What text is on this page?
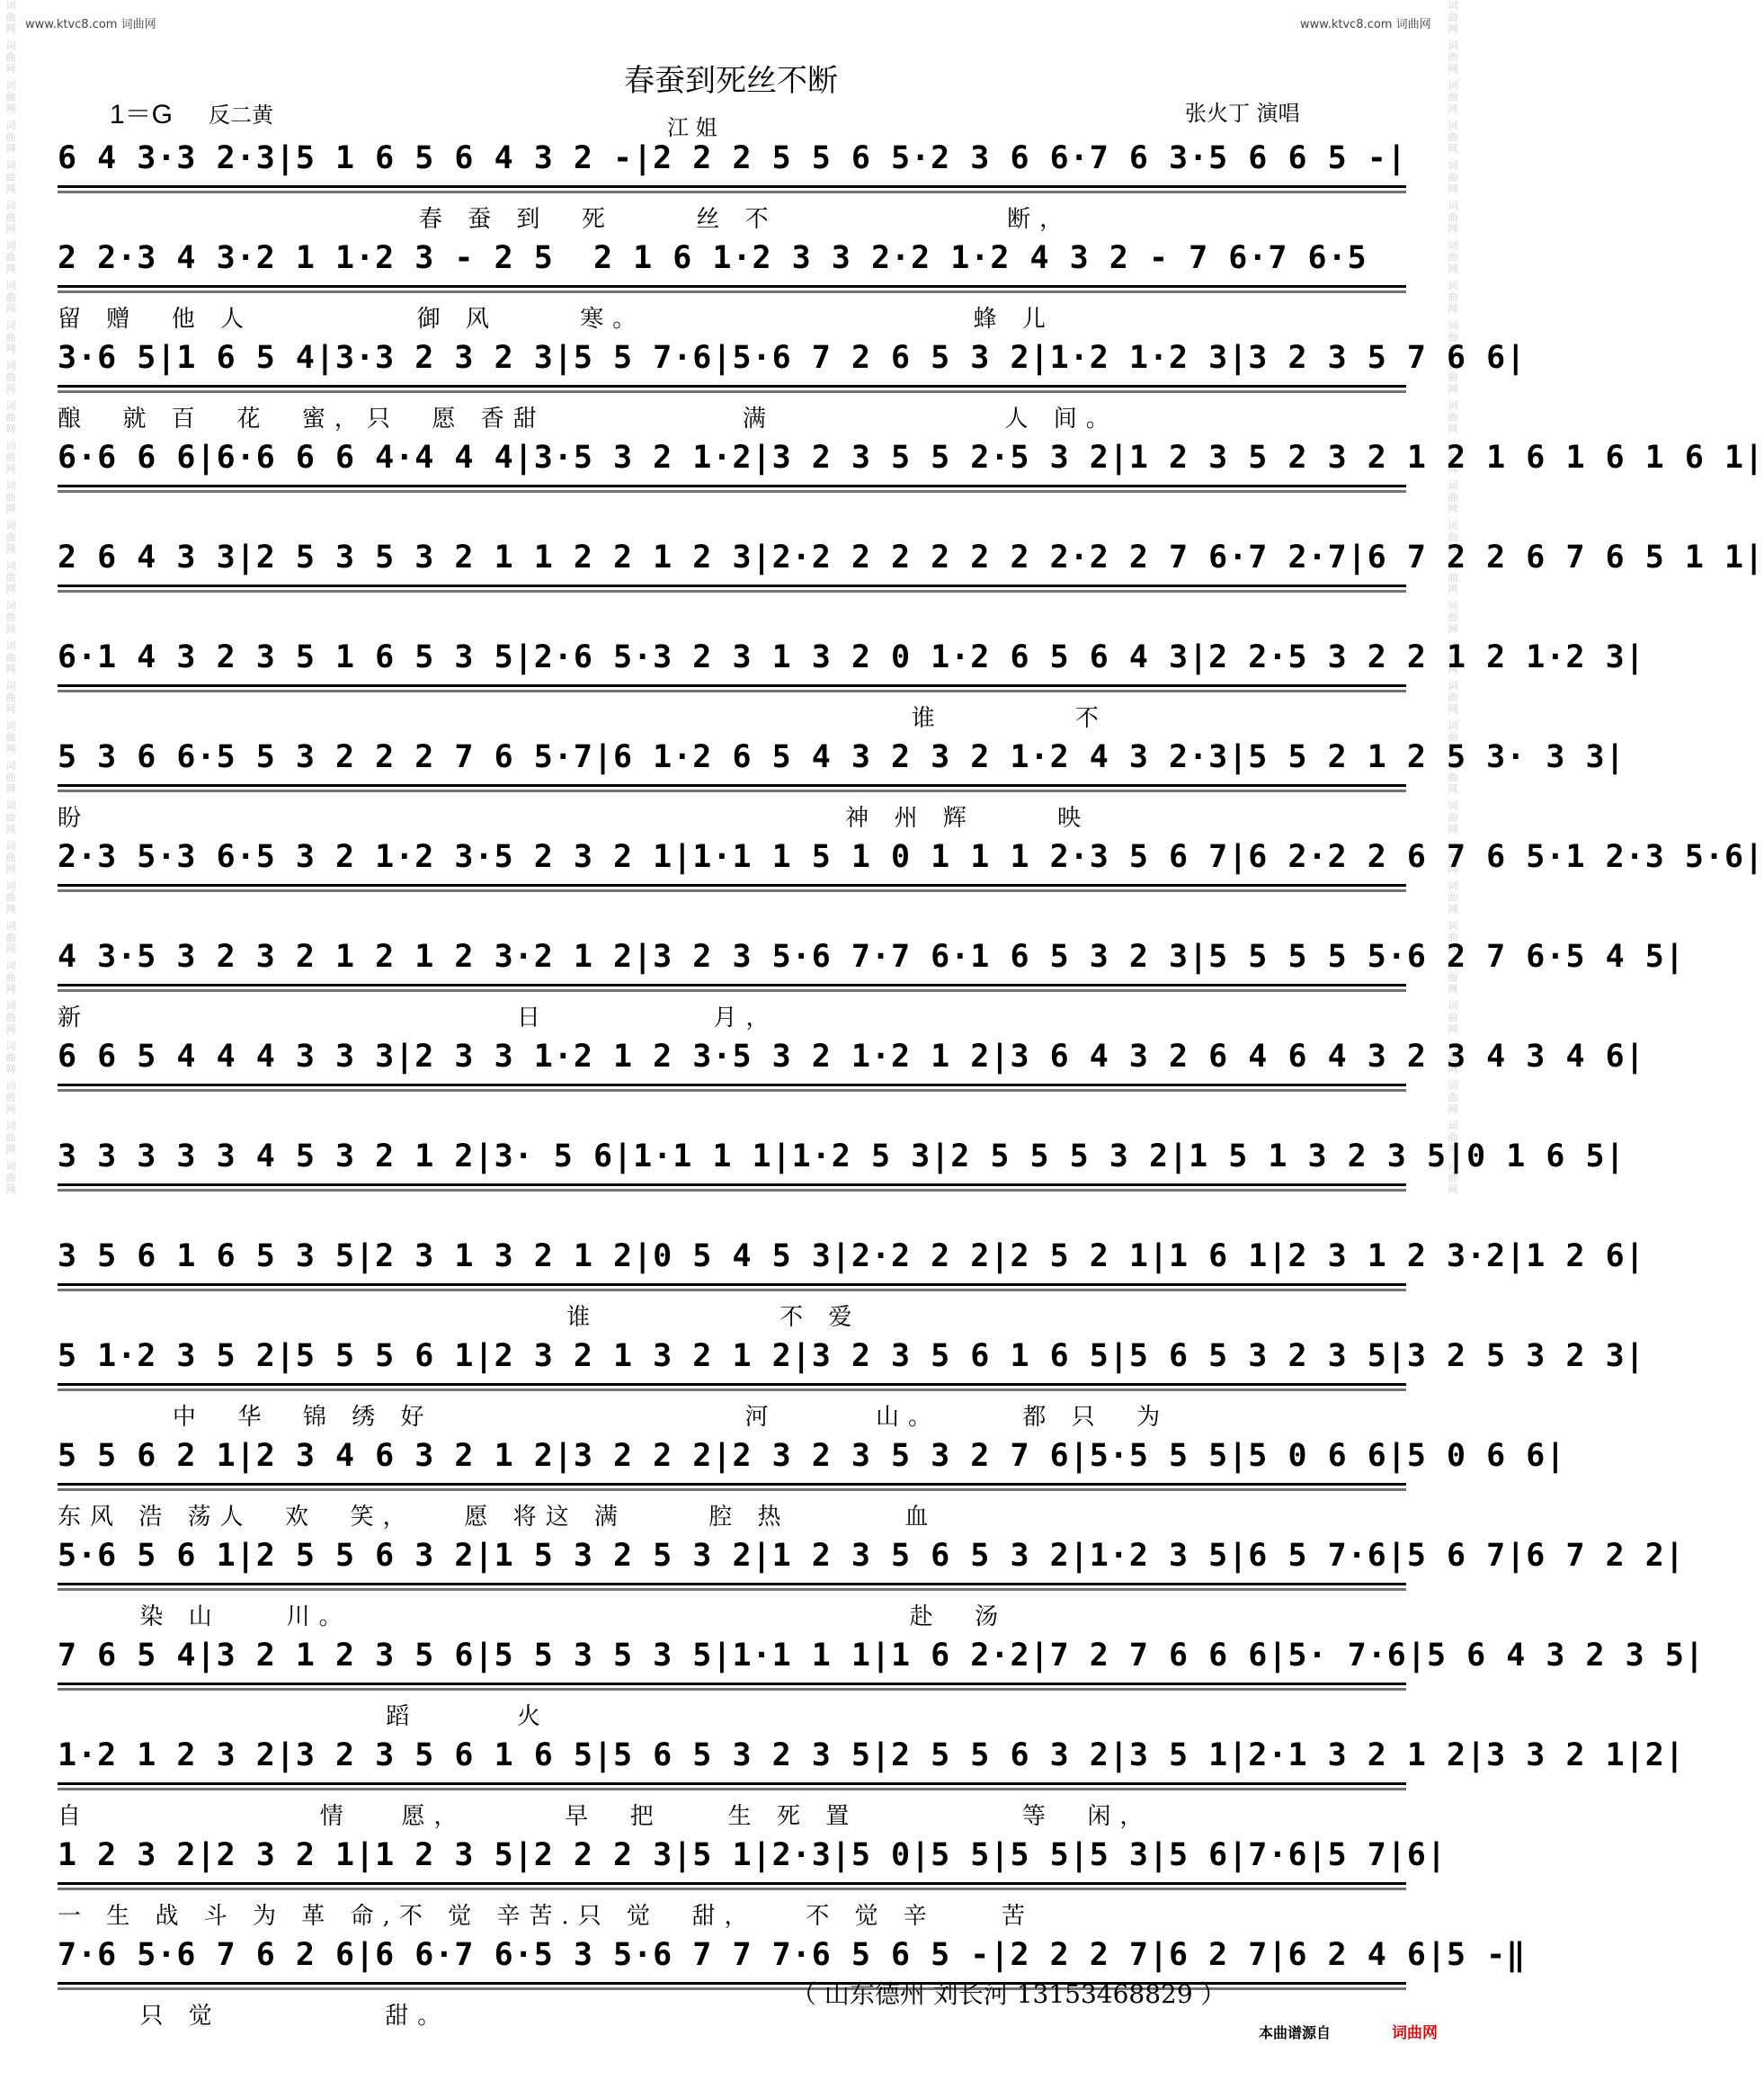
www.ktvc8.com 词曲网	www.ktvc8.com 词曲网
词曲网 词曲网 词曲网 词曲网 词曲网 词曲网 词曲网 词曲网 词曲网 词曲网 词曲网 词曲网 词曲网 词曲网 词曲网 词曲网 词曲网 词曲网 词曲网 词曲网 词曲网 词曲网 词曲网 词曲网 词曲网 词曲网 词曲网 词曲网 词曲网 词曲网	词曲网 词曲网 词曲网 词曲网 词曲网 词曲网 词曲网 词曲网 词曲网 词曲网 词曲网 词曲网 词曲网 词曲网 词曲网 词曲网 词曲网 词曲网 词曲网 词曲网 词曲网 词曲网 词曲网 词曲网 词曲网 词曲网 词曲网 词曲网 词曲网 词曲网
春蚕到死丝不断
1＝G 反二黄	江 姐
张火丁 演唱
6 4 3·3 2·3|5 1 6 5 6 4 3 2 -|2 2 2 5 5 6 5·2 3 6 6·7 6 3·5 6 6 5 -|
春 蚕 到  死     丝 不              断，
2 2·3 4 3·2 1 1·2 3 - 2 5  2 1 6 1·2 3 3 2·2 1·2 4 3 2 - 7 6·7 6·5
留 赠  他 人          御 风     寒。                    蜂 儿
3·6 5|1 6 5 4|3·3 2 3 2 3|5 5 7·6|5·6 7 2 6 5 3 2|1·2 1·2 3|3 2 3 5 7 6 6|
酿  就 百  花  蜜，只  愿 香甜            满              人 间。
6·6 6 6|6·6 6 6 4·4 4 4|3·5 3 2 1·2|3 2 3 5 5 2·5 3 2|1 2 3 5 2 3 2 1 2 1 6 1 6 1 6 1|
2 6 4 3 3|2 5 3 5 3 2 1 1 2 2 1 2 3|2·2 2 2 2 2 2 2·2 2 7 6·7 2·7|6 7 2 2 6 7 6 5 1 1|
6·1 4 3 2 3 5 1 6 5 3 5|2·6 5·3 2 3 1 3 2 0 1·2 6 5 6 4 3|2 2·5 3 2 2 1 2 1·2 3|
谁        不
5 3 6 6·5 5 3 2 2 2 7 6 5·7|6 1·2 6 5 4 3 2 3 2 1·2 4 3 2·3|5 5 2 1 2 5 3· 3 3|
盼                                              神 州 辉     映
2·3 5·3 6·5 3 2 1·2 3·5 2 3 2 1|1·1 1 5 1 0 1 1 1 2·3 5 6 7|6 2·2 2 6 7 6 5·1 2·3 5·6|
4 3·5 3 2 3 2 1 2 1 2 3·2 1 2|3 2 3 5·6 7·7 6·1 6 5 3 2 3|5 5 5 5 5·6 2 7 6·5 4 5|
新                          日          月，
6 6 5 4 4 4 3 3 3|2 3 3 1·2 1 2 3·5 3 2 1·2 1 2|3 6 4 3 2 6 4 6 4 3 2 3 4 3 4 6|
3 3 3 3 3 4 5 3 2 1 2|3· 5 6|1·1 1 1|1·2 5 3|2 5 5 5 3 2|1 5 1 3 2 3 5|0 1 6 5|
3 5 6 1 6 5 3 5|2 3 1 3 2 1 2|0 5 4 5 3|2·2 2 2|2 5 2 1|1 6 1|2 3 1 2 3·2|1 2 6|
谁           不 爱
5 1·2 3 5 2|5 5 5 6 1|2 3 2 1 3 2 1 2|3 2 3 5 6 1 6 5|5 6 5 3 2 3 5|3 2 5 3 2 3|
中  华  锦 绣 好                   河      山。     都 只  为
5 5 6 2 1|2 3 4 6 3 2 1 2|3 2 2 2|2 3 2 3 5 3 2 7 6|5·5 5 5|5 0 6 6|5 0 6 6|
东风 浩 荡人  欢  笑，   愿 将这 满     腔 热       血
5·6 5 6 1|2 5 5 6 3 2|1 5 3 2 5 3 2|1 2 3 5 6 5 3 2|1·2 3 5|6 5 7·6|5 6 7|6 7 2 2|
染 山    川。                                  赴  汤
7 6 5 4|3 2 1 2 3 5 6|5 5 3 5 3 5|1·1 1 1|1 6 2·2|7 2 7 6 6 6|5· 7·6|5 6 4 3 2 3 5|
蹈      火
1·2 1 2 3 2|3 2 3 5 6 1 6 5|5 6 5 3 2 3 5|2 5 5 6 3 2|3 5 1|2·1 3 2 1 2|3 3 2 1|2|
自              情   愿，      早  把    生 死 置          等  闲，
1 2 3 2|2 3 2 1|1 2 3 5|2 2 2 3|5 1|2·3|5 0|5 5|5 5|5 3|5 6|7·6|5 7|6|
一 生 战 斗 为 革 命,不 觉 辛苦.只 觉  甜，   不 觉 辛    苦
7·6 5·6 7 6 2 6|6 6·7 6·5 3 5·6 7 7 7·6 5 6 5 -|2 2 2 7|6 2 7|6 2 4 6|5 -‖
只 觉          甜。
（ 山东德州 刘长河 13153468829 ）
本曲谱源自	词曲网
